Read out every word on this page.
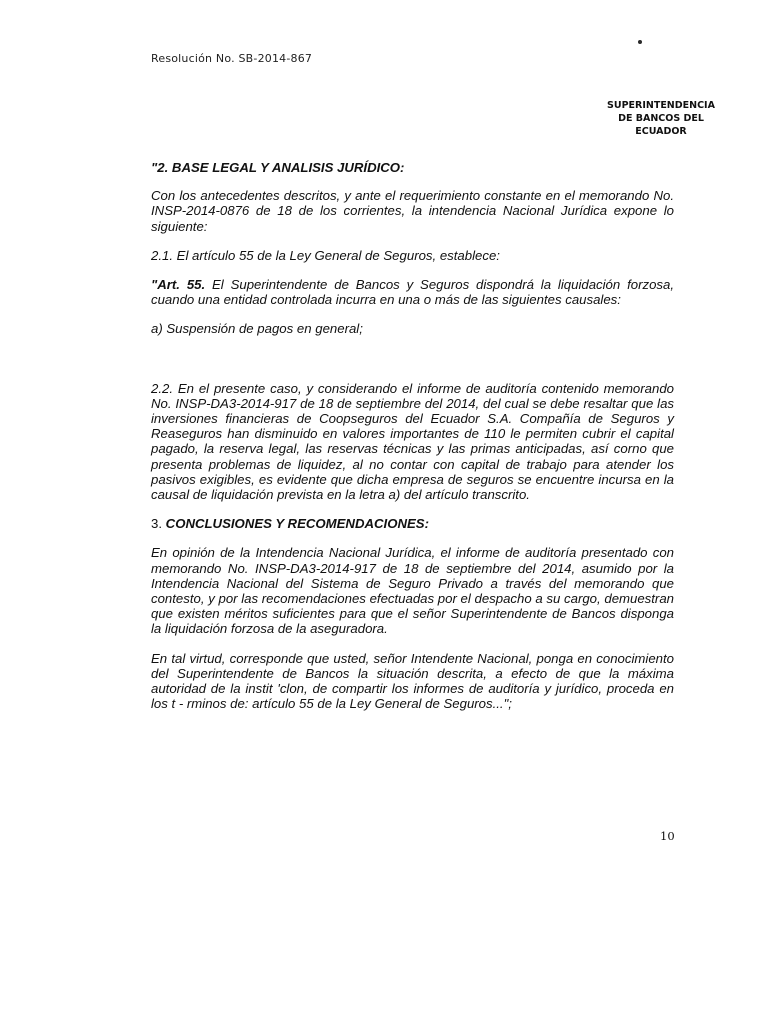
Resolución No. SB-2014-867
SUPERINTENDENCIA
DE BANCOS DEL
ECUADOR

"2. BASE LEGAL Y ANALISIS JURÍDICO:

Con los antecedentes descritos, y ante el requerimiento constante en el memorando No. INSP-2014-0876 de 18 de los corrientes, la intendencia Nacional Jurídica expone lo siguiente:

2.1. El artículo 55 de la Ley General de Seguros, establece:

"Art. 55. El Superintendente de Bancos y Seguros dispondrá la liquidación forzosa, cuando una entidad controlada incurra en una o más de las siguientes causales:

a) Suspensión de pagos en general;

2.2. En el presente caso, y considerando el informe de auditoría contenido memorando No. INSP-DA3-2014-917 de 18 de septiembre del 2014, del cual se debe resaltar que las inversiones financieras de Coopseguros del Ecuador S.A. Compañía de Seguros y Reaseguros han disminuido en valores importantes de 110 le permiten cubrir el capital pagado, la reserva legal, las reservas técnicas y las primas anticipadas, así corno que presenta problemas de liquidez, al no contar con capital de trabajo para atender los pasivos exigibles, es evidente que dicha empresa de seguros se encuentre incursa en la causal de liquidación prevista en la letra a) del artículo transcrito.

3. CONCLUSIONES Y RECOMENDACIONES:

En opinión de la Intendencia Nacional Jurídica, el informe de auditoría presentado con memorando No. INSP-DA3-2014-917 de 18 de septiembre del 2014, asumido por la Intendencia Nacional del Sistema de Seguro Privado a través del memorando que contesto, y por las recomendaciones efectuadas por el despacho a su cargo, demuestran que existen méritos suficientes para que el señor Superintendente de Bancos disponga la liquidación forzosa de la aseguradora.

En tal virtud, corresponde que usted, señor Intendente Nacional, ponga en conocimiento del Superintendente de Bancos la situación descrita, a efecto de que la máxima autoridad de la instit 'clon, de compartir los informes de auditoría y jurídico, proceda en los t - rminos de: artículo 55 de la Ley General de Seguros...";

10
